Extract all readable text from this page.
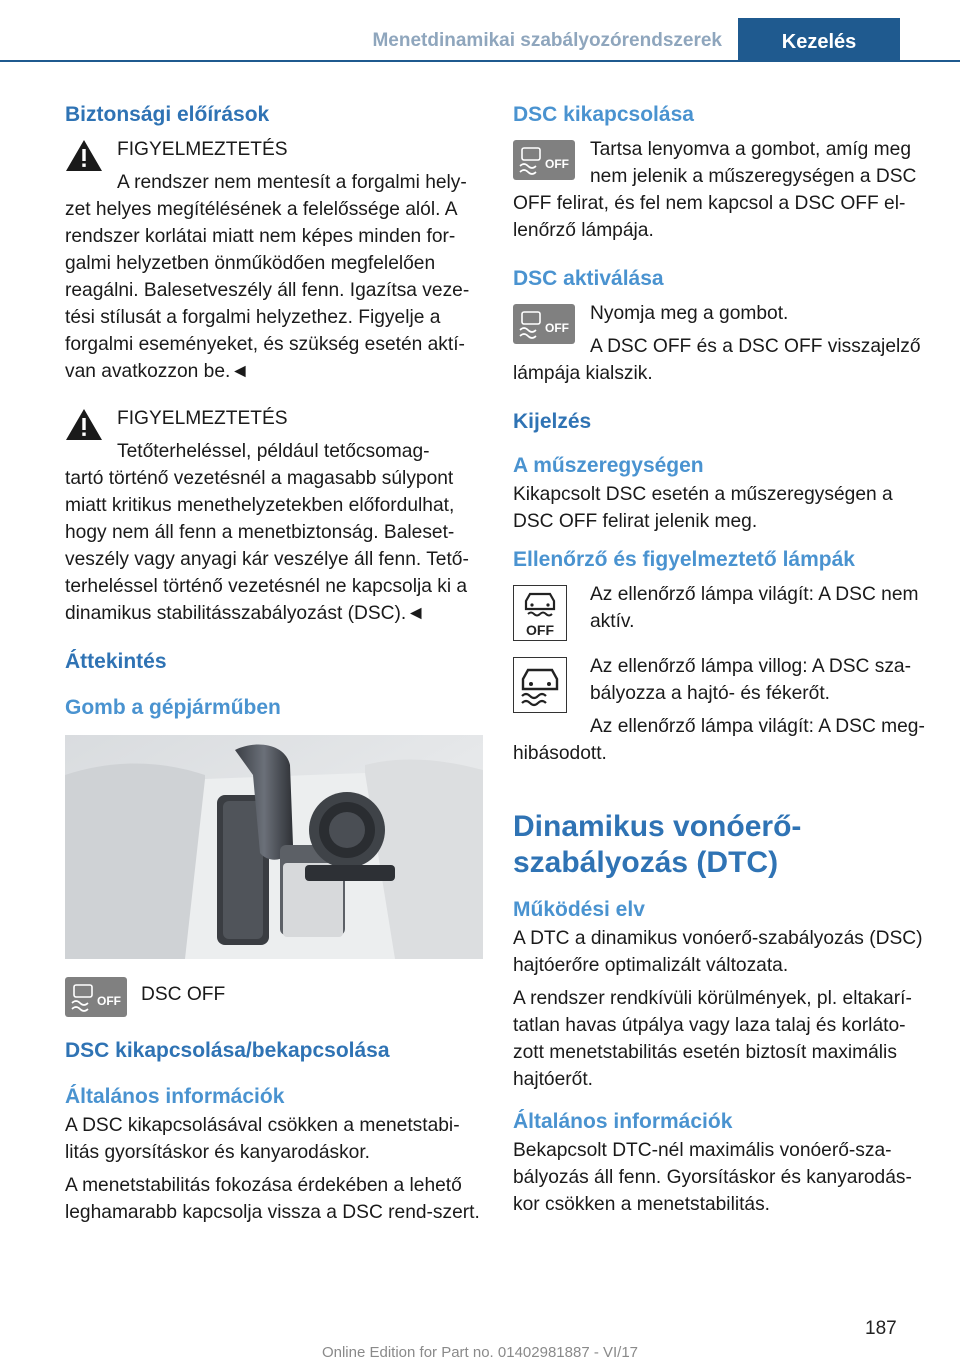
Menetdinamikai szabályozórendszerek	Kezelés
Biztonsági előírások

FIGYELMEZTETÉS

A rendszer nem mentesít a forgalmi hely-

zet helyes megítélésének a felelőssége alól. A rendszer korlátai miatt nem képes minden for-galmi helyzetben önműködően megfelelően reagálni. Balesetveszély áll fenn. Igazítsa veze-tési stílusát a forgalmi helyzethez. Figyelje a forgalmi eseményeket, és szükség esetén aktí-van avatkozzon be.◄

FIGYELMEZTETÉS

Tetőterheléssel, például tetőcsomag-

tartó történő vezetésnél a magasabb súlypont miatt kritikus menethelyzetekben előfordulhat, hogy nem áll fenn a menetbiztonság. Baleset-veszély vagy anyagi kár veszélye áll fenn. Tető-terheléssel történő vezetésnél ne kapcsolja ki a dinamikus stabilitásszabályozást (DSC).◄

Áttekintés
Gomb a gépjárműben
OFF DSC OFF

DSC kikapcsolása/bekapcsolása
Általános információk

A DSC kikapcsolásával csökken a menetstabi-litás gyorsításkor és kanyarodáskor.

A menetstabilitás fokozása érdekében a lehető leghamarabb kapcsolja vissza a DSC rend-szert.

DSC kikapcsolása
OFF

Tartsa lenyomva a gombot, amíg meg nem jelenik a műszeregységen a DSC

OFF felirat, és fel nem kapcsol a DSC OFF el-lenőrző lámpája.

DSC aktiválása
OFF

Nyomja meg a gombot.

A DSC OFF és a DSC OFF visszajelző

lámpája kialszik.

Kijelzés
A műszeregységen

Kikapcsolt DSC esetén a műszeregységen a DSC OFF felirat jelenik meg.

Ellenőrző és figyelmeztető lámpák
OFF

Az ellenőrző lámpa világít: A DSC nem aktív.

Az ellenőrző lámpa villog: A DSC sza-bályozza a hajtó- és fékerőt.

Az ellenőrző lámpa világít: A DSC meg-

hibásodott.

Dinamikus vonóerő-
szabályozás (DTC)
Működési elv

A DTC a dinamikus vonóerő-szabályozás (DSC) hajtóerőre optimalizált változata.

A rendszer rendkívüli körülmények, pl. eltakarí-tatlan havas útpálya vagy laza talaj és korláto-zott menetstabilitás esetén biztosít maximális hajtóerőt.

Általános információk

Bekapcsolt DTC-nél maximális vonóerő-sza-bályozás áll fenn. Gyorsításkor és kanyarodás-kor csökken a menetstabilitás.

187
Online Edition for Part no. 01402981887 - VI/17
